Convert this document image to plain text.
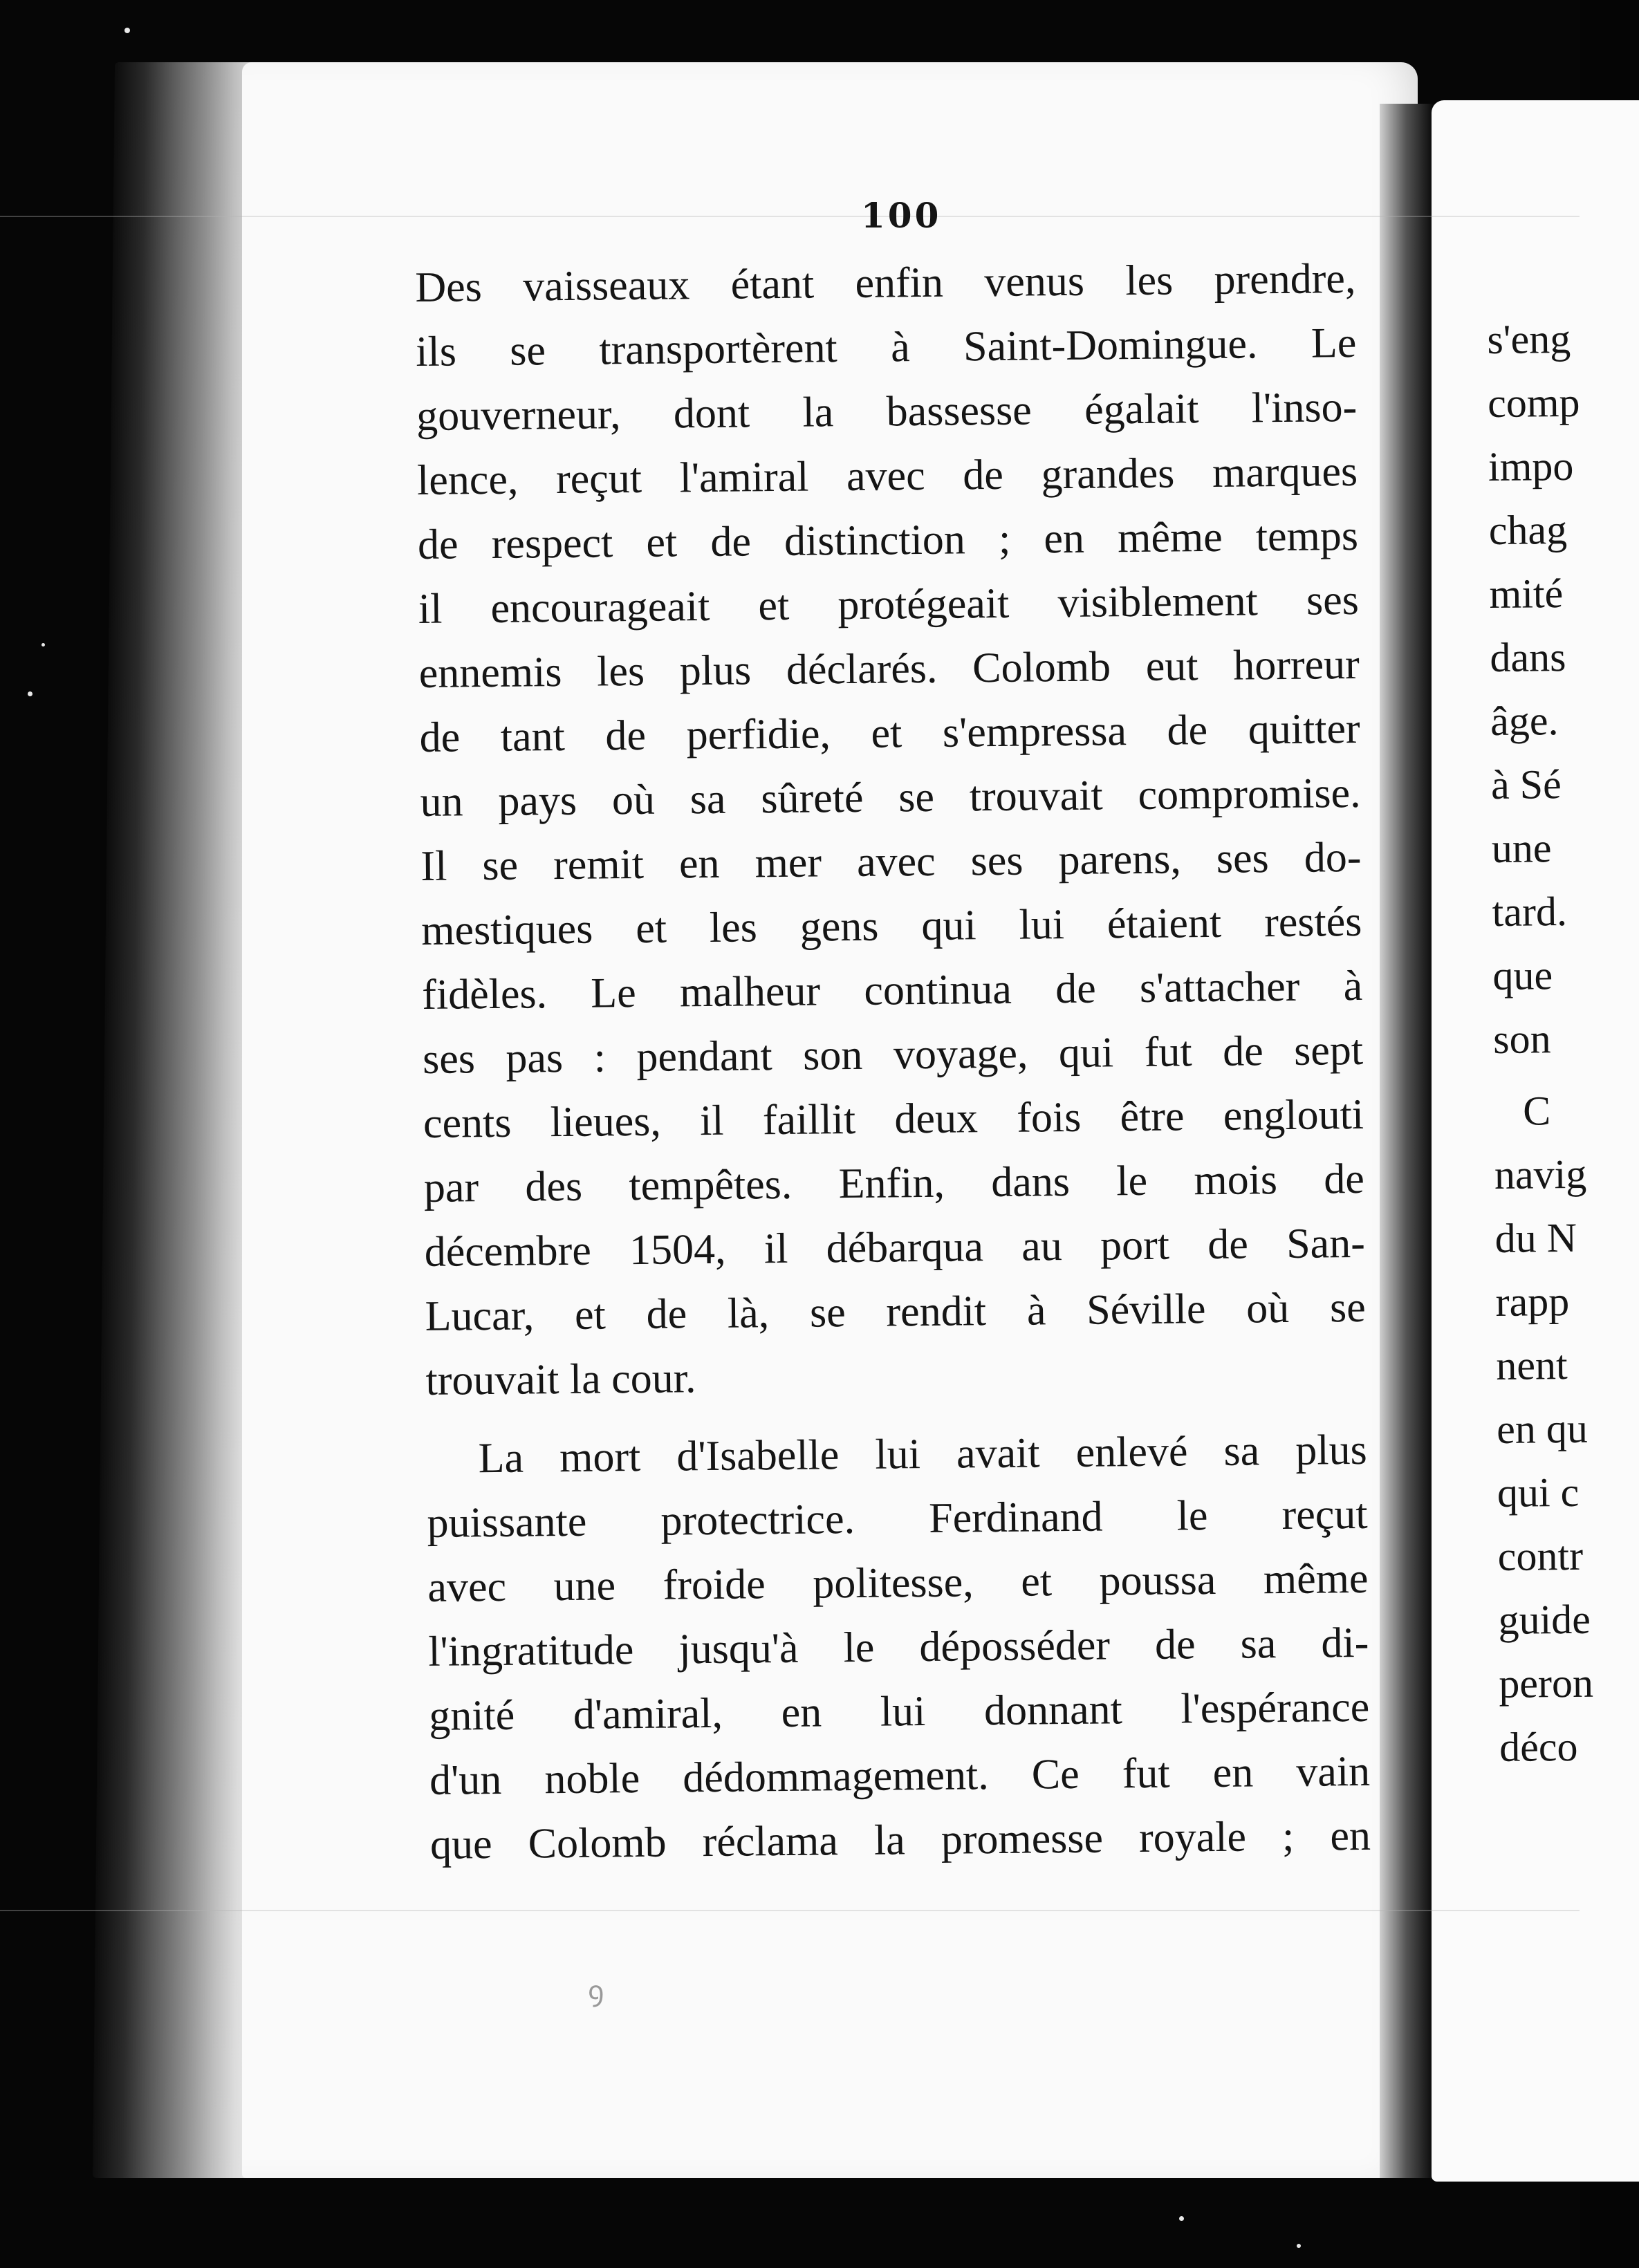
100
Des vaisseaux étant enfin venus les prendre,
ils se transportèrent à Saint-Domingue. Le
gouverneur, dont la bassesse égalait l'inso-
lence, reçut l'amiral avec de grandes marques
de respect et de distinction ; en même temps
il encourageait et protégeait visiblement ses
ennemis les plus déclarés. Colomb eut horreur
de tant de perfidie, et s'empressa de quitter
un pays où sa sûreté se trouvait compromise.
Il se remit en mer avec ses parens, ses do-
mestiques et les gens qui lui étaient restés
fidèles. Le malheur continua de s'attacher à
ses pas : pendant son voyage, qui fut de sept
cents lieues, il faillit deux fois être englouti
par des tempêtes. Enfin, dans le mois de
décembre 1504, il débarqua au port de San-
Lucar, et de là, se rendit à Séville où se
trouvait la cour.
La mort d'Isabelle lui avait enlevé sa plus
puissante protectrice. Ferdinand le reçut
avec une froide politesse, et poussa même
l'ingratitude jusqu'à le déposséder de sa di-
gnité d'amiral, en lui donnant l'espérance
d'un noble dédommagement. Ce fut en vain
que Colomb réclama la promesse royale ; en
s'eng
comp
impo
chag
mité
dans
âge.
à Sé
une
tard.
que
son
C
navig
du N
rapp
nent
en qu
qui c
contr
guide
peron
déco
ꝯ
